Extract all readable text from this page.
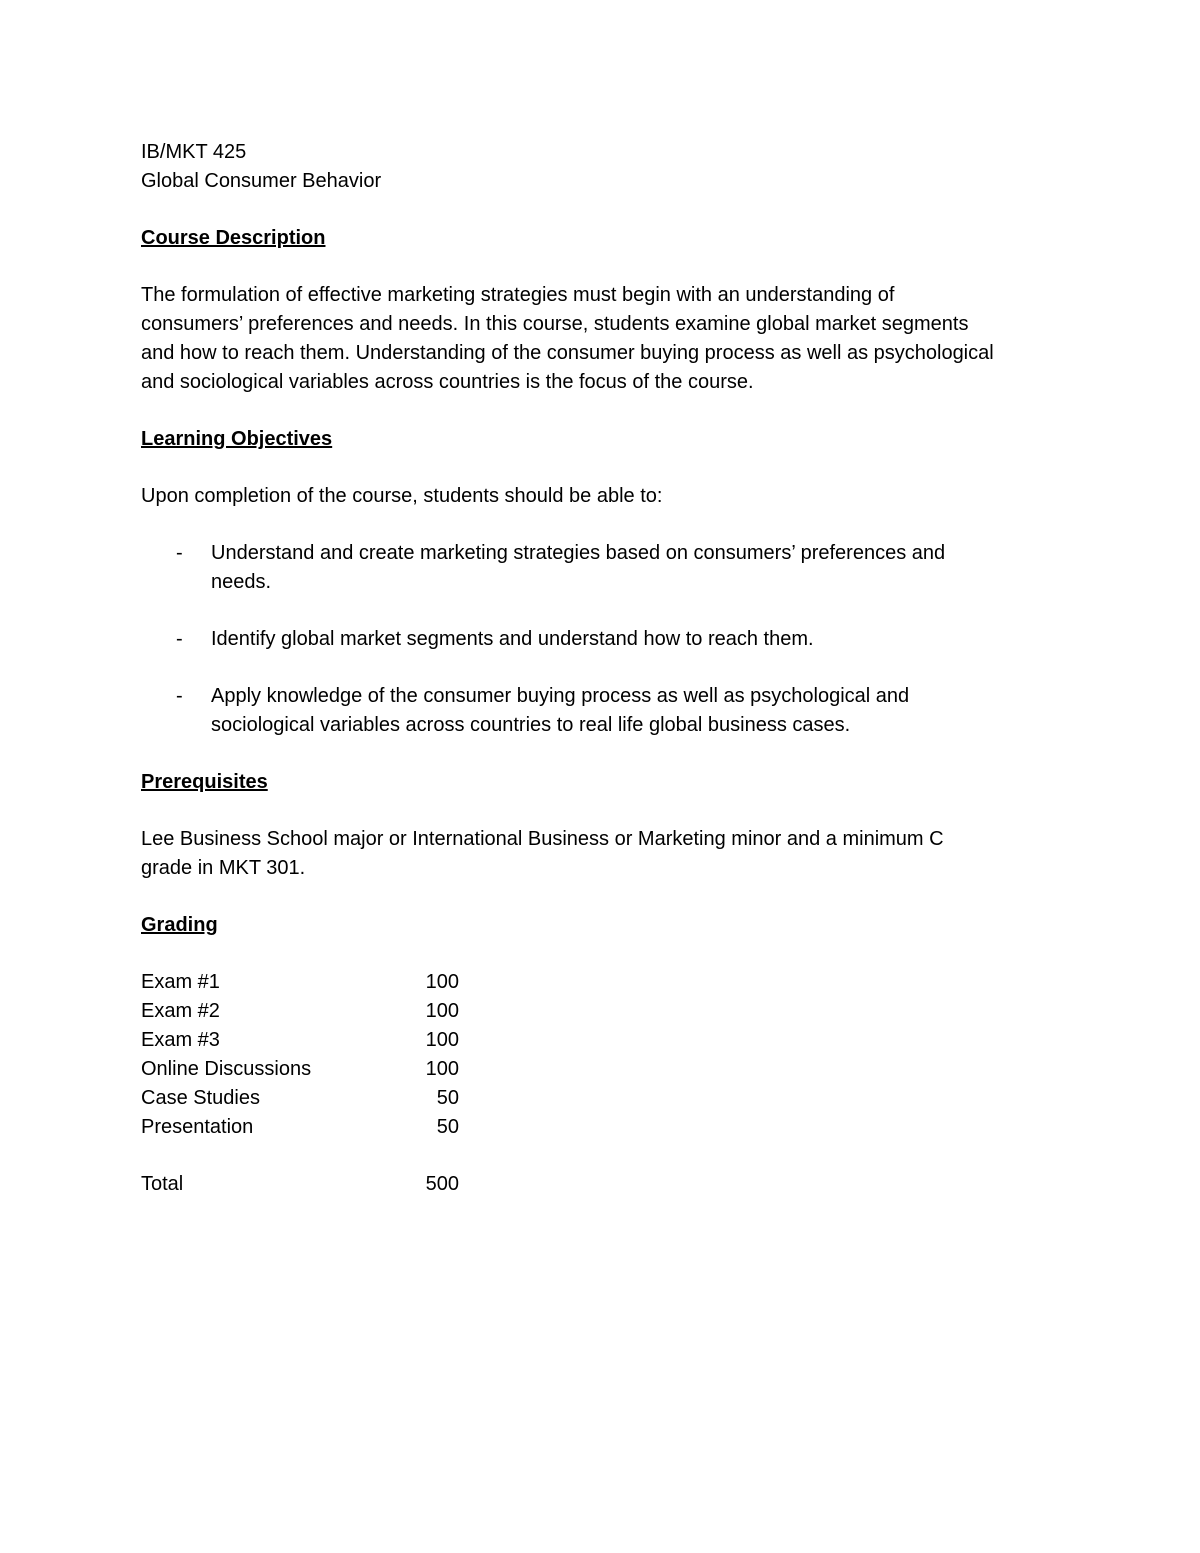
IB/MKT 425

Global Consumer Behavior

Course Description

The formulation of effective marketing strategies must begin with an understanding of

consumers’ preferences and needs. In this course, students examine global market segments

and how to reach them. Understanding of the consumer buying process as well as psychological

and sociological variables across countries is the focus of the course.

Learning Objectives

Upon completion of the course, students should be able to:

- Understand and create marketing strategies based on consumers’ preferences and
needs.
- Identify global market segments and understand how to reach them.
- Apply knowledge of the consumer buying process as well as psychological and
sociological variables across countries to real life global business cases.

Prerequisites

Lee Business School major or International Business or Marketing minor and a minimum C

grade in MKT 301.

Grading

Exam #1	100
Exam #2	100
Exam #3	100
Online Discussions	100
Case Studies	50
Presentation	50
Total	500
